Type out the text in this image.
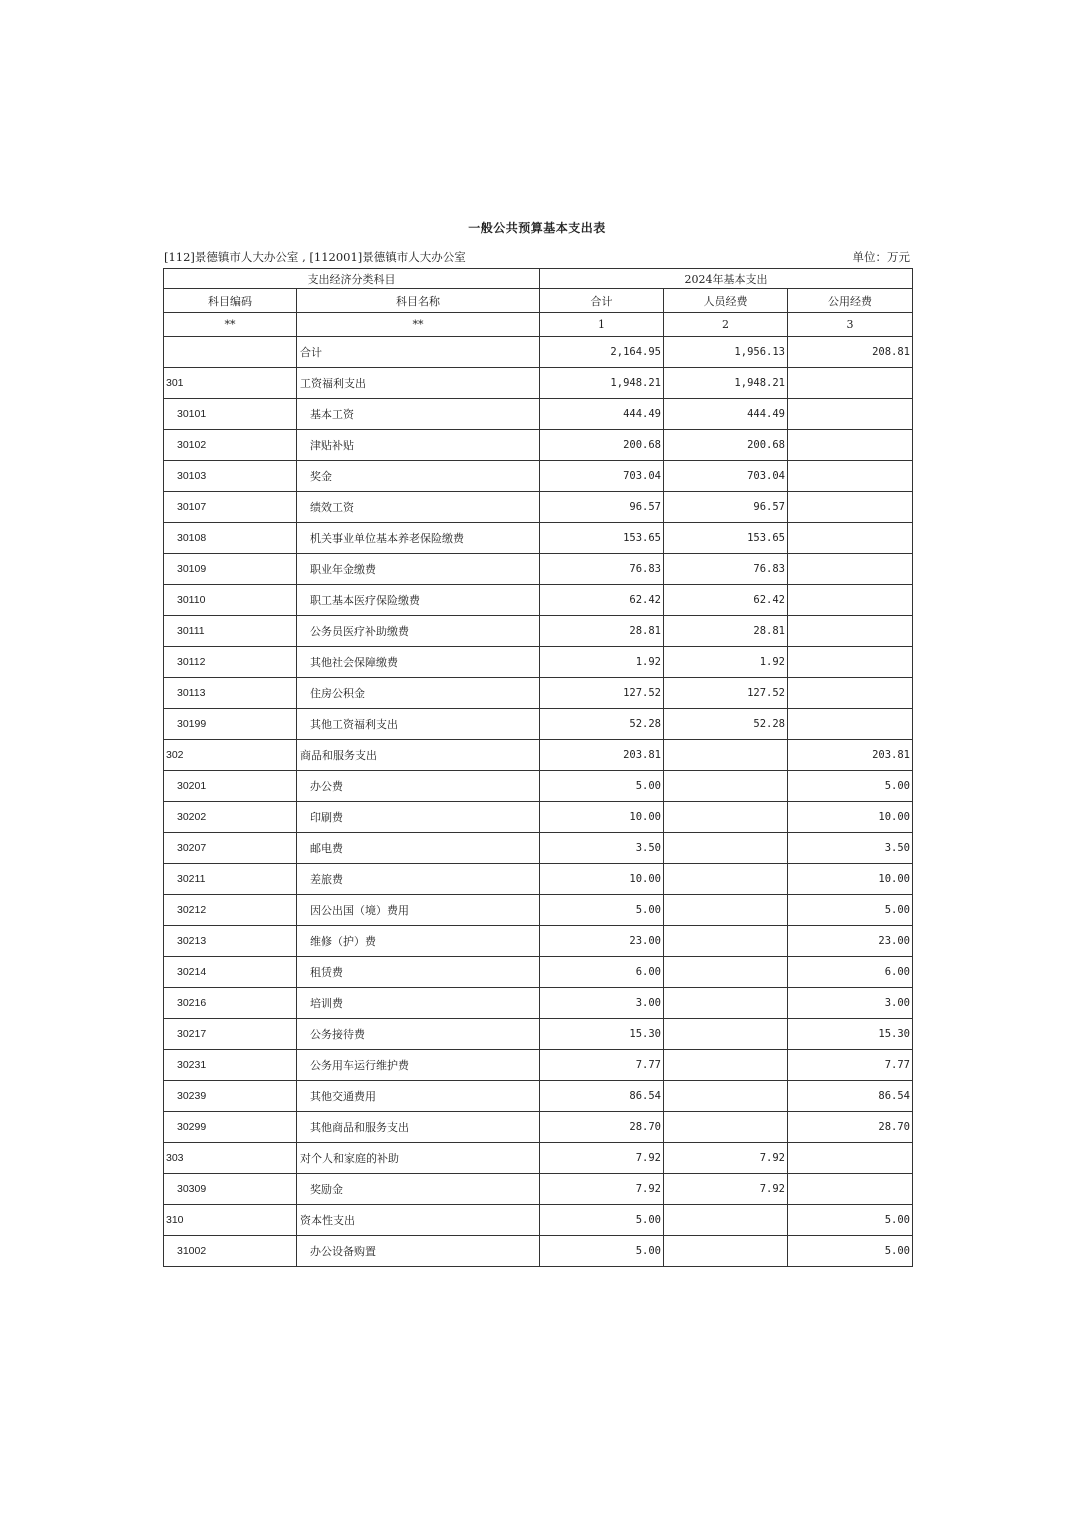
一般公共预算基本支出表
[112]景德镇市人大办公室 , [112001]景德镇市人大办公室	单位：万元
支出经济分类科目		2024年基本支出		
科目编码	科目名称	合计	人员经费	公用经费
**	**	1	2	3
	合计	2,164.95	1,956.13	208.81
301	工资福利支出	1,948.21	1,948.21	
30101	基本工资	444.49	444.49	
30102	津贴补贴	200.68	200.68	
30103	奖金	703.04	703.04	
30107	绩效工资	96.57	96.57	
30108	机关事业单位基本养老保险缴费	153.65	153.65	
30109	职业年金缴费	76.83	76.83	
30110	职工基本医疗保险缴费	62.42	62.42	
30111	公务员医疗补助缴费	28.81	28.81	
30112	其他社会保障缴费	1.92	1.92	
30113	住房公积金	127.52	127.52	
30199	其他工资福利支出	52.28	52.28	
302	商品和服务支出	203.81		203.81
30201	办公费	5.00		5.00
30202	印刷费	10.00		10.00
30207	邮电费	3.50		3.50
30211	差旅费	10.00		10.00
30212	因公出国（境）费用	5.00		5.00
30213	维修（护）费	23.00		23.00
30214	租赁费	6.00		6.00
30216	培训费	3.00		3.00
30217	公务接待费	15.30		15.30
30231	公务用车运行维护费	7.77		7.77
30239	其他交通费用	86.54		86.54
30299	其他商品和服务支出	28.70		28.70
303	对个人和家庭的补助	7.92	7.92	
30309	奖励金	7.92	7.92	
310	资本性支出	5.00		5.00
31002	办公设备购置	5.00		5.00
